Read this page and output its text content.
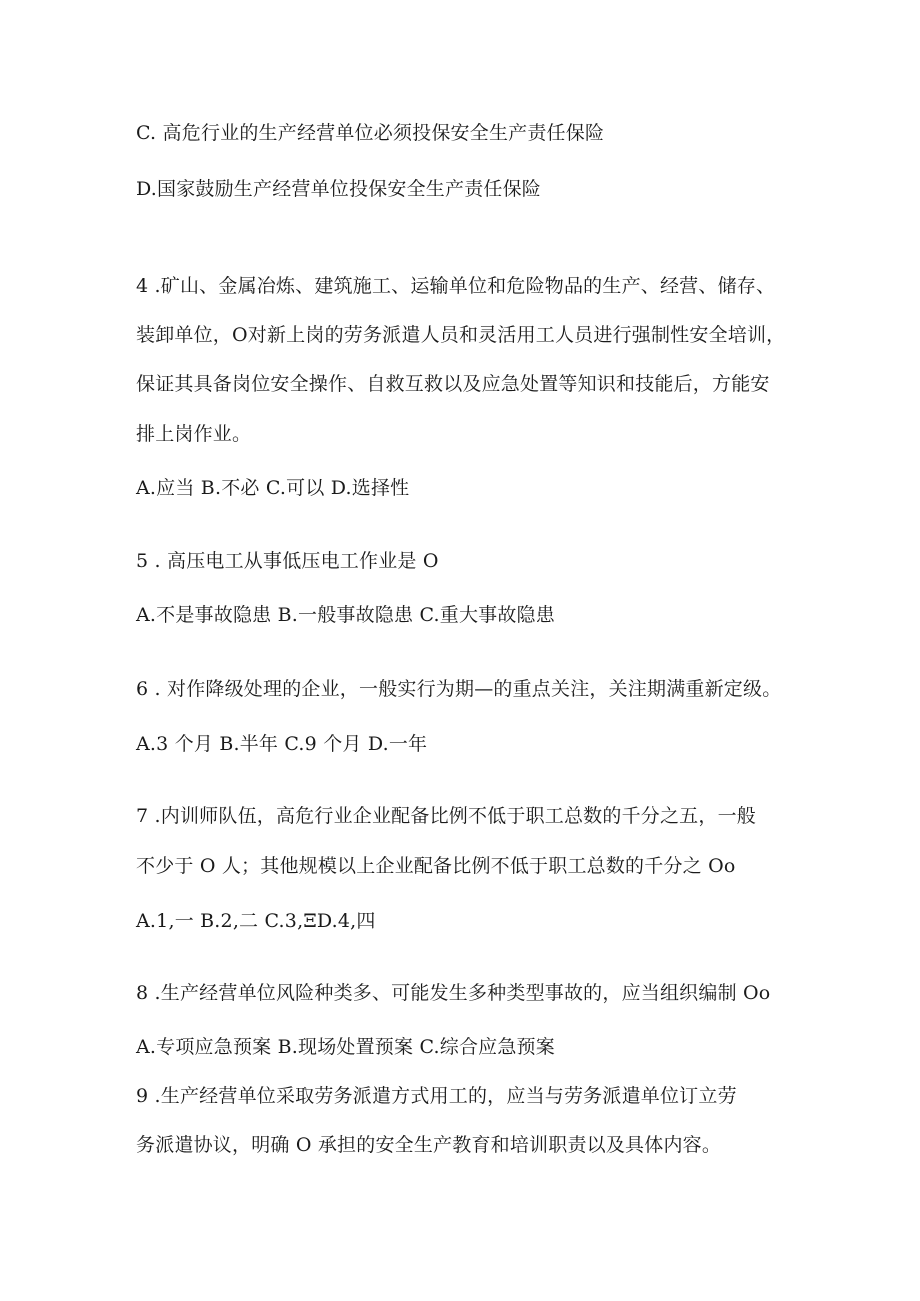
C. 高危行业的生产经营单位必须投保安全生产责任保险
D.国家鼓励生产经营单位投保安全生产责任保险
4 .矿山、金属冶炼、建筑施工、运输单位和危险物品的生产、经营、储存、
装卸单位，O对新上岗的劳务派遣人员和灵活用工人员进行强制性安全培训，
保证其具备岗位安全操作、自救互救以及应急处置等知识和技能后，方能安
排上岗作业。
A.应当 B.不必 C.可以 D.选择性
5 . 高压电工从事低压电工作业是 O
A.不是事故隐患 B.一般事故隐患 C.重大事故隐患
6 . 对作降级处理的企业，一般实行为期—的重点关注，关注期满重新定级。
A.3 个月 B.半年 C.9 个月 D.一年
7 .内训师队伍，高危行业企业配备比例不低于职工总数的千分之五，一般
不少于 O 人；其他规模以上企业配备比例不低于职工总数的千分之 Oo
A.1,一 B.2,二 C.3,ΞD.4,四
8 .生产经营单位风险种类多、可能发生多种类型事故的，应当组织编制 Oo
A.专项应急预案 B.现场处置预案 C.综合应急预案
9 .生产经营单位采取劳务派遣方式用工的，应当与劳务派遣单位订立劳
务派遣协议，明确 O 承担的安全生产教育和培训职责以及具体内容。
